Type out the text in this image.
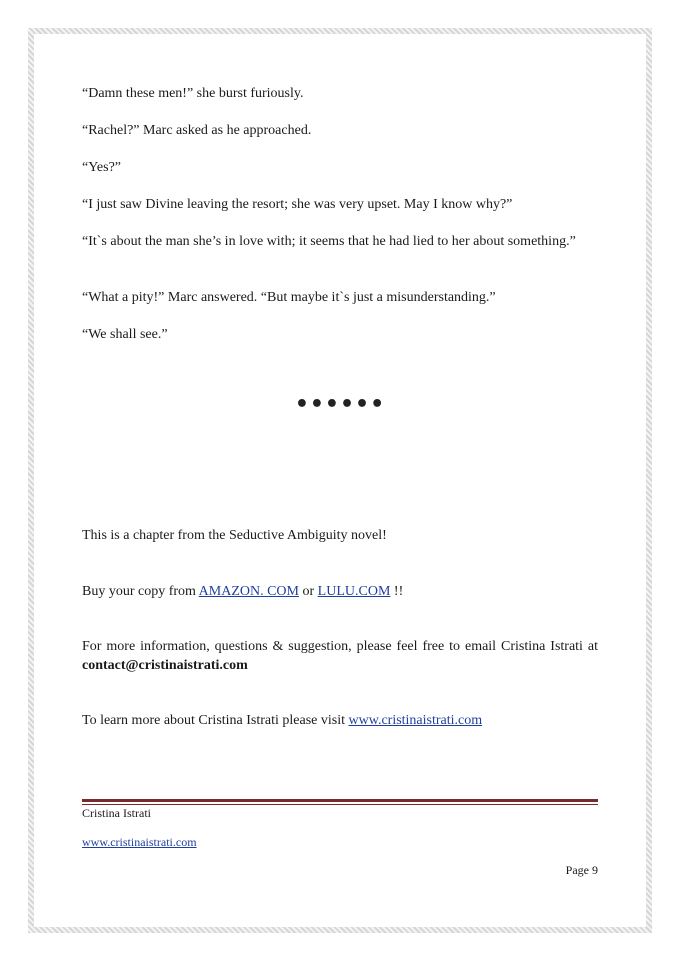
“Damn these men!” she burst furiously.

“Rachel?” Marc asked as he approached.

“Yes?”

“I just saw Divine leaving the resort; she was very upset. May I know why?”

“It`s about the man she’s in love with; it seems that he had lied to her about something.”

“What a pity!” Marc answered. “But maybe it`s just a misunderstanding.”

“We shall see.”

••••••

This is a chapter from the Seductive Ambiguity novel!

Buy your copy from AMAZON. COM or LULU.COM !!

For more information, questions & suggestion, please feel free to email Cristina Istrati at contact@cristinaistrati.com

To learn more about Cristina Istrati please visit www.cristinaistrati.com

Cristina Istrati
www.cristinaistrati.com
Page 9
